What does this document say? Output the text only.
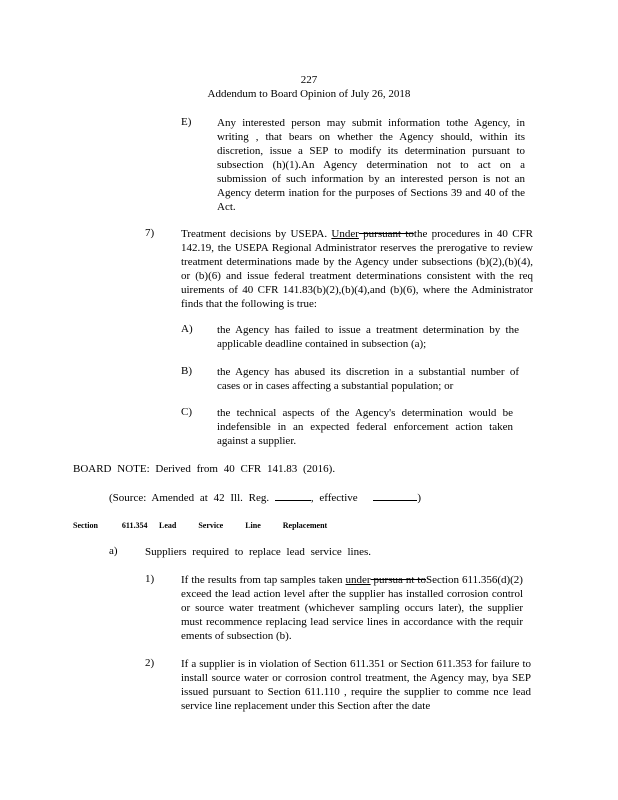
227
Addendum to Board Opinion of July 26, 2018
E) Any interested person may submit information tothe Agency, in writing , that bears on whether the Agency should, within its discretion, issue a SEP to modify its determination pursuant to subsection (h)(1).An Agency determination not to act on a submission of such information by an interested person is not an Agency determ ination for the purposes of Sections 39 and 40 of the Act.
7) Treatment decisions by USEPA. Under pursuant tothe procedures in 40 CFR 142.19, the USEPA Regional Administrator reserves the prerogative to review treatment determinations made by the Agency under subsections (b)(2),(b)(4), or (b)(6) and issue federal treatment determinations consistent with the req uirements of 40 CFR 141.83(b)(2),(b)(4),and (b)(6), where the Administrator finds that the following is true:
A) the Agency has failed to issue a treatment determination by the applicable deadline contained in subsection (a);
B) the Agency has abused its discretion in a substantial number of cases or in cases affecting a substantial population; or
C) the technical aspects of the Agency's determination would be indefensible in an expected federal enforcement action taken against a supplier.
BOARD NOTE: Derived from 40 CFR 141.83 (2016).
(Source: Amended at 42 Ill. Reg.	, effective	)
Section 611.354 Lead Service Line Replacement
a) Suppliers required to replace lead service lines.
1) If the results from tap samples taken under pursua nt toSection 611.356(d)(2) exceed the lead action level after the supplier has installed corrosion control or source water treatment (whichever sampling occurs later), the supplier must recommence replacing lead service lines in accordance with the requir ements of subsection (b).
2) If a supplier is in violation of Section 611.351 or Section 611.353 for failure to install source water or corrosion control treatment, the Agency may, bya SEP issued pursuant to Section 611.110 , require the supplier to comme nce lead service line replacement under this Section after the date
